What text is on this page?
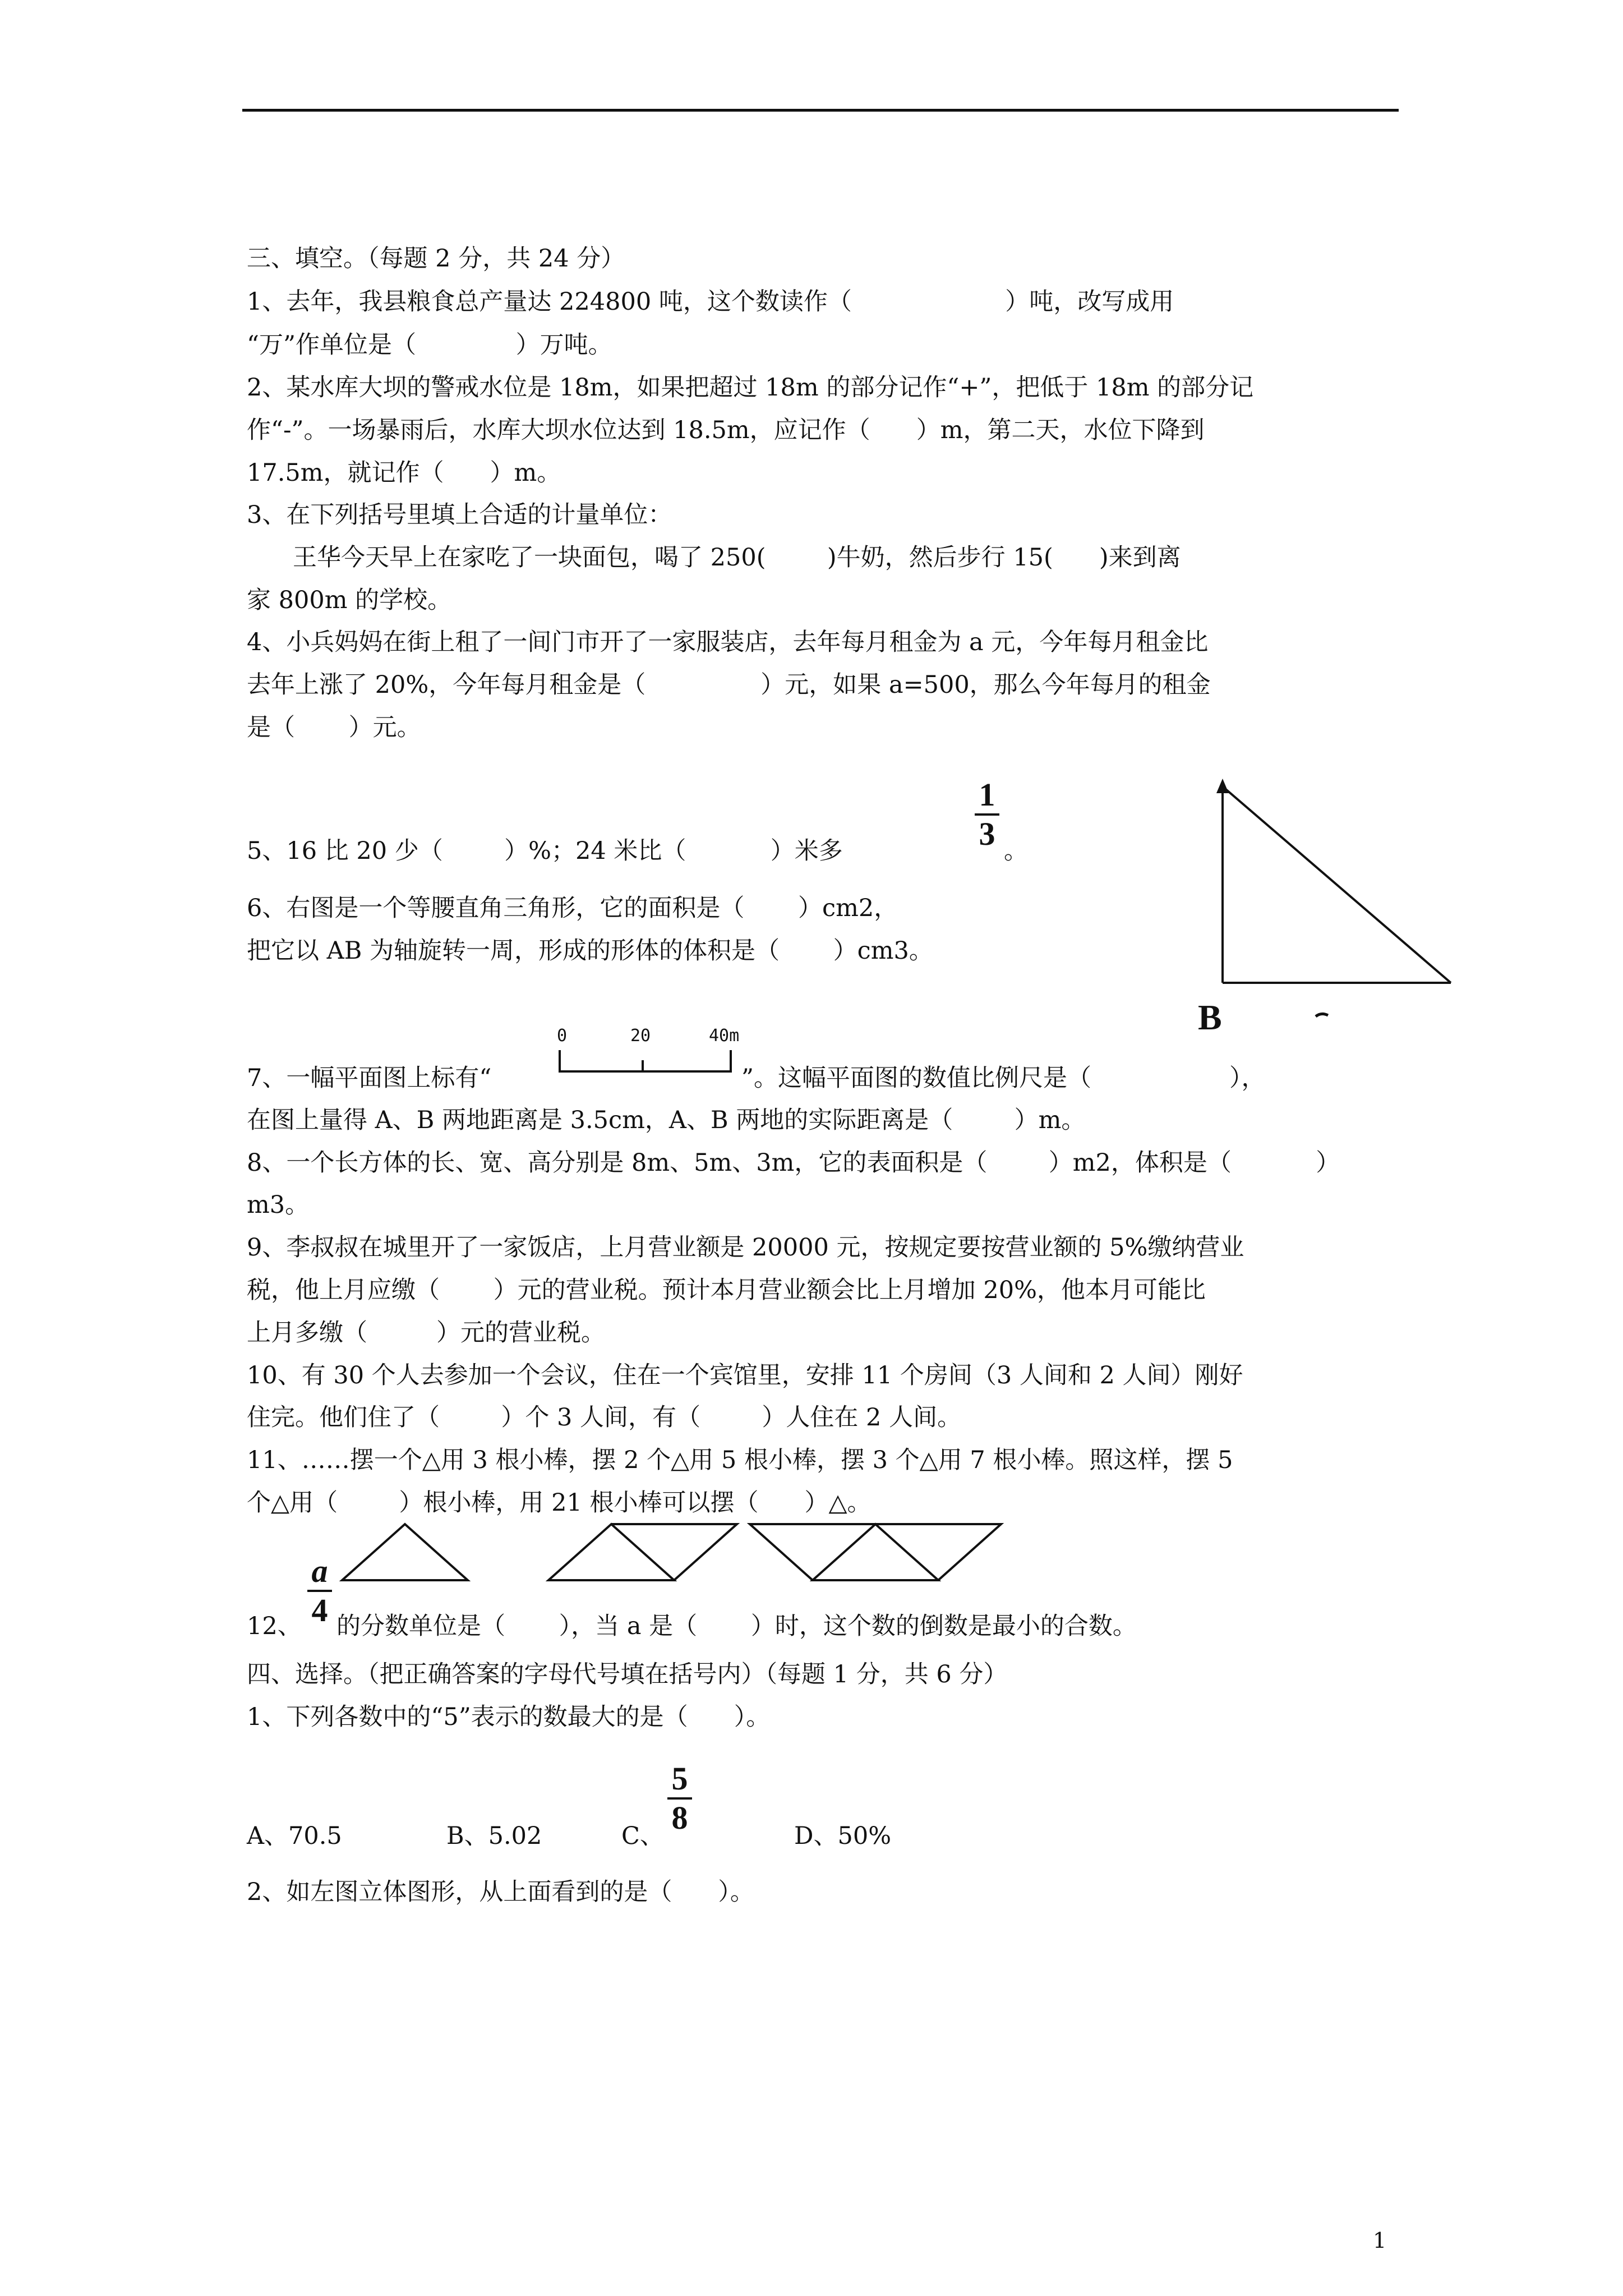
三、填空。（每题 2 分，共 24 分）

1、去年，我县粮食总产量达 224800 吨，这个数读作（                    ）吨，改写成用

“万”作单位是（             ）万吨。

2、某水库大坝的警戒水位是 18m，如果把超过 18m 的部分记作“+”，把低于 18m 的部分记

作“-”。一场暴雨后，水库大坝水位达到 18.5m，应记作（      ）m，第二天，水位下降到

17.5m，就记作（      ）m。

3、在下列括号里填上合适的计量单位：

王华今天早上在家吃了一块面包，喝了 250(        )牛奶，然后步行 15(      )来到离

家 800m 的学校。

4、小兵妈妈在街上租了一间门市开了一家服装店，去年每月租金为 a 元，今年每月租金比

去年上涨了 20%，今年每月租金是（               ）元，如果 a=500，那么今年每月的租金

是（       ）元。

5、16 比 20 少（        ）%；24 米比（           ）米多

1
3 。

6、右图是一个等腰直角三角形，它的面积是（       ）cm2，

把它以 AB 为轴旋转一周，形成的形体的体积是（       ）cm3。

B
0	20	40m

7、一幅平面图上标有“	”。这幅平面图的数值比例尺是（                  ），

在图上量得 A、B 两地距离是 3.5cm，A、B 两地的实际距离是（        ）m。

8、一个长方体的长、宽、高分别是 8m、5m、3m，它的表面积是（        ）m2，体积是（           ）

m3。

9、李叔叔在城里开了一家饭店，上月营业额是 20000 元，按规定要按营业额的 5%缴纳营业

税，他上月应缴（       ）元的营业税。预计本月营业额会比上月增加 20%，他本月可能比

上月多缴（         ）元的营业税。

10、有 30 个人去参加一个会议，住在一个宾馆里，安排 11 个房间（3 人间和 2 人间）刚好

住完。他们住了（        ）个 3 人间，有（        ）人住在 2 人间。

11、……摆一个△用 3 根小棒，摆 2 个△用 5 根小棒，摆 3 个△用 7 根小棒。照这样，摆 5

个△用（        ）根小棒，用 21 根小棒可以摆（      ）△。

12、

a
4 的分数单位是（       ），当 a 是（       ）时，这个数的倒数是最小的合数。

四、选择。（把正确答案的字母代号填在括号内）（每题 1 分，共 6 分）

1、下列各数中的“5”表示的数最大的是（      ）。

A、70.5	B、5.02	C、

5
8	D、50%

2、如左图立体图形，从上面看到的是（      ）。

1
